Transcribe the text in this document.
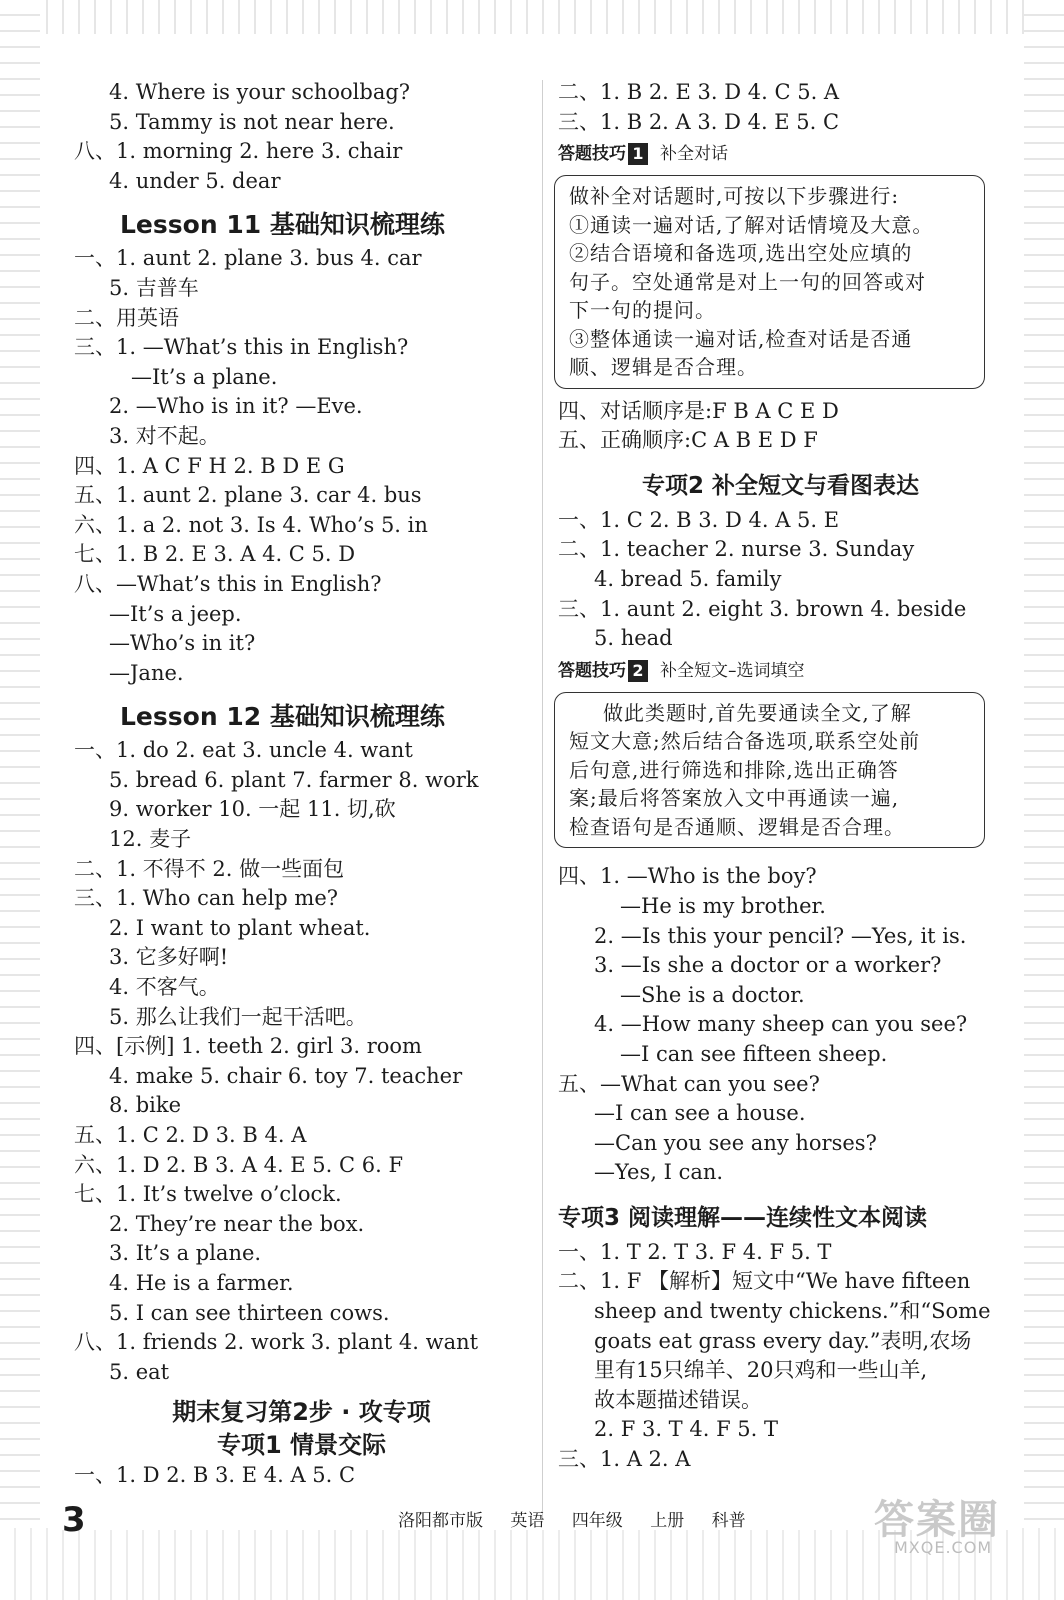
4. Where is your schoolbag?
5. Tammy is not near here.
八、1. morning 2. here 3. chair
4. under 5. dear
Lesson 11 基础知识梳理练
一、1. aunt 2. plane 3. bus 4. car
5. 吉普车
二、用英语
三、1. —What’s this in English?
—It’s a plane.
2. —Who is in it? —Eve.
3. 对不起。
四、1. A C F H 2. B D E G
五、1. aunt 2. plane 3. car 4. bus
六、1. a 2. not 3. Is 4. Who’s 5. in
七、1. B 2. E 3. A 4. C 5. D
八、—What’s this in English?
—It’s a jeep.
—Who’s in it?
—Jane.
Lesson 12 基础知识梳理练
一、1. do 2. eat 3. uncle 4. want
5. bread 6. plant 7. farmer 8. work
9. worker 10. 一起 11. 切,砍
12. 麦子
二、1. 不得不 2. 做一些面包
三、1. Who can help me?
2. I want to plant wheat.
3. 它多好啊!
4. 不客气。
5. 那么让我们一起干活吧。
四、[示例] 1. teeth 2. girl 3. room
4. make 5. chair 6. toy 7. teacher
8. bike
五、1. C 2. D 3. B 4. A
六、1. D 2. B 3. A 4. E 5. C 6. F
七、1. It’s twelve o’clock.
2. They’re near the box.
3. It’s a plane.
4. He is a farmer.
5. I can see thirteen cows.
八、1. friends 2. work 3. plant 4. want
5. eat
期末复习第2步 · 攻专项
专项1 情景交际
一、1. D 2. B 3. E 4. A 5. C
二、1. B 2. E 3. D 4. C 5. A
三、1. B 2. A 3. D 4. E 5. C
答题技巧 1 补全对话
做补全对话题时,可按以下步骤进行:
①通读一遍对话,了解对话情境及大意。
②结合语境和备选项,选出空处应填的
句子。空处通常是对上一句的回答或对
下一句的提问。
③整体通读一遍对话,检查对话是否通
顺、逻辑是否合理。
四、对话顺序是:F B A C E D
五、正确顺序:C A B E D F
专项2 补全短文与看图表达
一、1. C 2. B 3. D 4. A 5. E
二、1. teacher 2. nurse 3. Sunday
4. bread 5. family
三、1. aunt 2. eight 3. brown 4. beside
5. head
答题技巧 2 补全短文–选词填空
做此类题时,首先要通读全文,了解
短文大意;然后结合备选项,联系空处前
后句意,进行筛选和排除,选出正确答
案;最后将答案放入文中再通读一遍,
检查语句是否通顺、逻辑是否合理。
四、1. —Who is the boy?
—He is my brother.
2. —Is this your pencil? —Yes, it is.
3. —Is she a doctor or a worker?
—She is a doctor.
4. —How many sheep can you see?
—I can see fifteen sheep.
五、—What can you see?
—I can see a house.
—Can you see any horses?
—Yes, I can.
专项3 阅读理解——连续性文本阅读
一、1. T 2. T 3. F 4. F 5. T
二、1. F 【解析】短文中“We have fifteen
sheep and twenty chickens.”和“Some
goats eat grass every day.”表明,农场
里有15只绵羊、20只鸡和一些山羊,
故本题描述错误。
2. F 3. T 4. F 5. T
三、1. A 2. A
3	洛阳都市版 英语 四年级 上册 科普	答案圈
MXQE.COM
